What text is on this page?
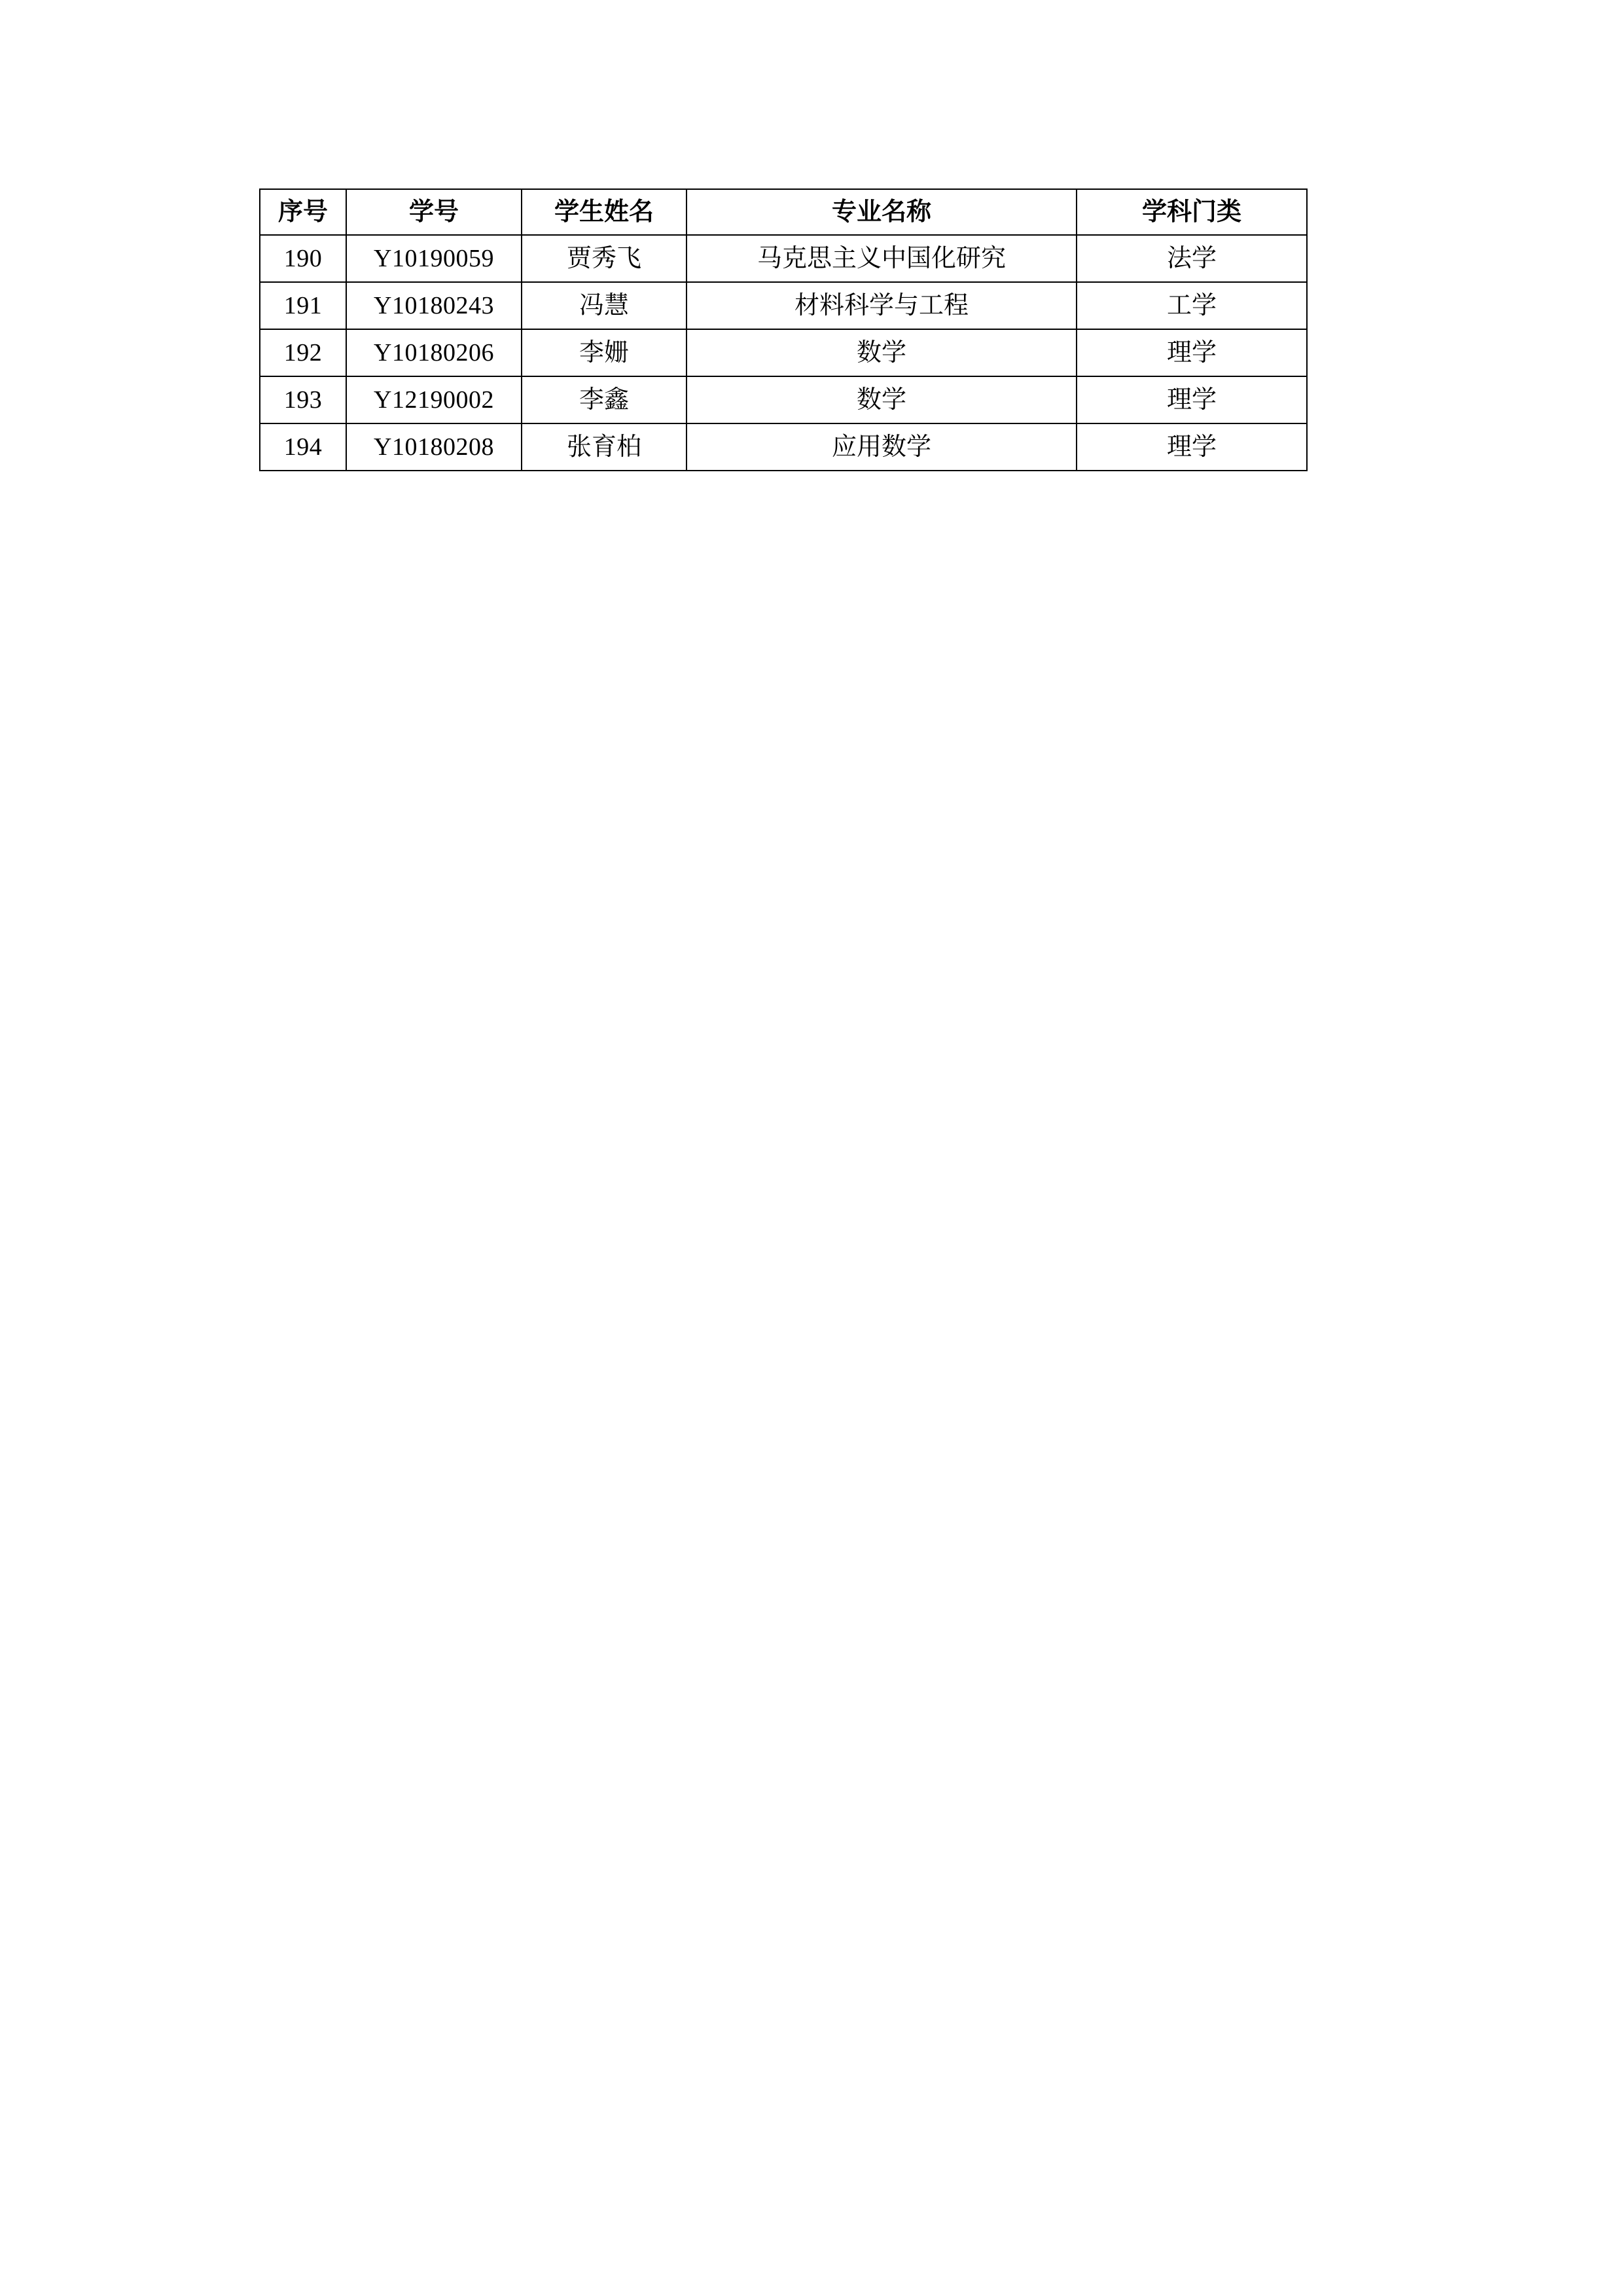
序号	学号	学生姓名	专业名称	学科门类
190	Y10190059	贾秀飞	马克思主义中国化研究	法学
191	Y10180243	冯慧	材料科学与工程	工学
192	Y10180206	李姗	数学	理学
193	Y12190002	李鑫	数学	理学
194	Y10180208	张育柏	应用数学	理学
